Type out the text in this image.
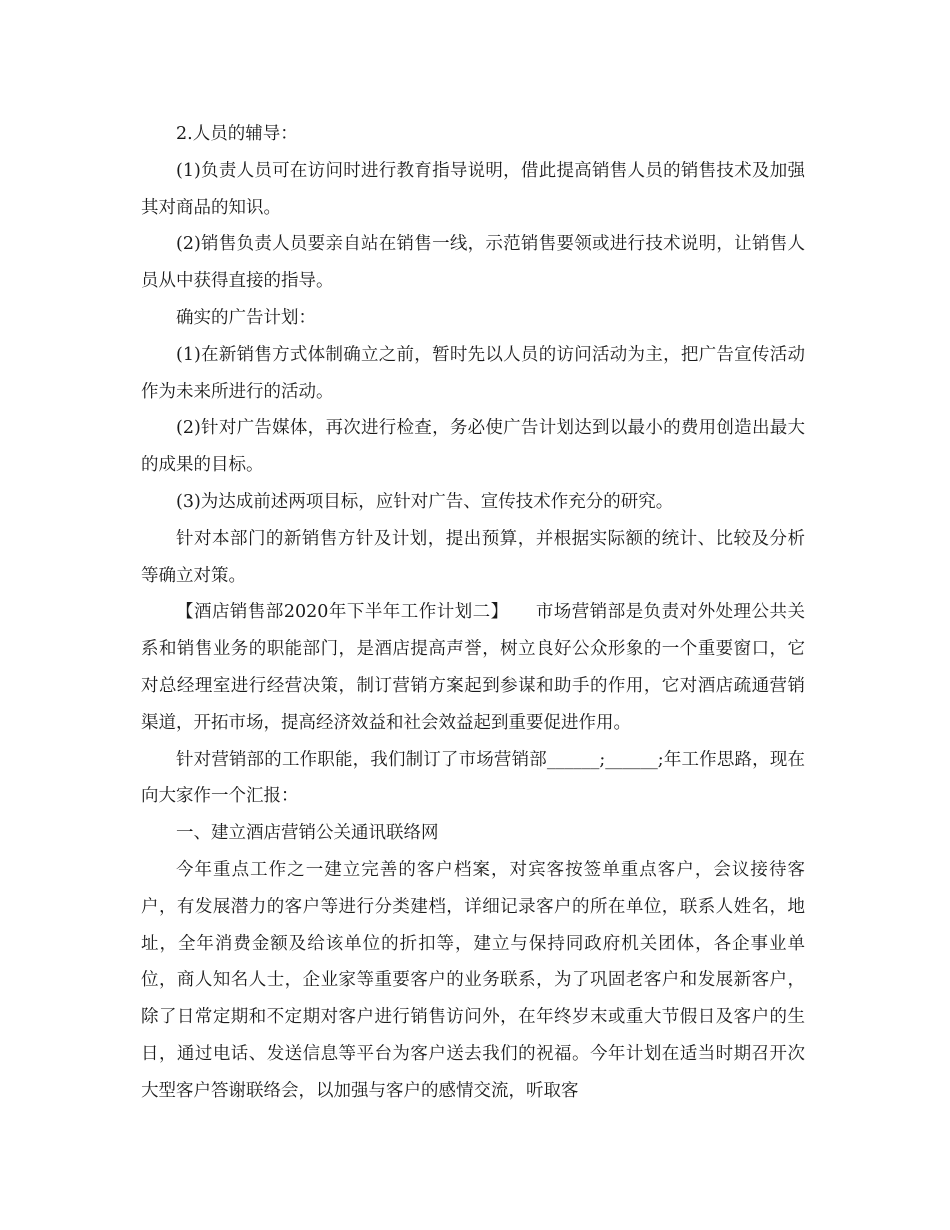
2.人员的辅导：

(1)负责人员可在访问时进行教育指导说明，借此提高销售人员的销售技术及加强其对商品的知识。

(2)销售负责人员要亲自站在销售一线，示范销售要领或进行技术说明，让销售人员从中获得直接的指导。

确实的广告计划：

(1)在新销售方式体制确立之前，暂时先以人员的访问活动为主，把广告宣传活动作为未来所进行的活动。

(2)针对广告媒体，再次进行检查，务必使广告计划达到以最小的费用创造出最大的成果的目标。

(3)为达成前述两项目标，应针对广告、宣传技术作充分的研究。

针对本部门的新销售方针及计划，提出预算，并根据实际额的统计、比较及分析等确立对策。

【酒店销售部2020年下半年工作计划二】　　市场营销部是负责对外处理公共关系和销售业务的职能部门，是酒店提高声誉，树立良好公众形象的一个重要窗口，它对总经理室进行经营决策，制订营销方案起到参谋和助手的作用，它对酒店疏通营销渠道，开拓市场，提高经济效益和社会效益起到重要促进作用。

针对营销部的工作职能，我们制订了市场营销部______;______;年工作思路，现在向大家作一个汇报：

一、建立酒店营销公关通讯联络网

今年重点工作之一建立完善的客户档案，对宾客按签单重点客户，会议接待客户，有发展潜力的客户等进行分类建档，详细记录客户的所在单位，联系人姓名，地址，全年消费金额及给该单位的折扣等，建立与保持同政府机关团体，各企事业单位，商人知名人士，企业家等重要客户的业务联系，为了巩固老客户和发展新客户，除了日常定期和不定期对客户进行销售访问外，在年终岁末或重大节假日及客户的生日，通过电话、发送信息等平台为客户送去我们的祝福。今年计划在适当时期召开次大型客户答谢联络会，以加强与客户的感情交流，听取客
